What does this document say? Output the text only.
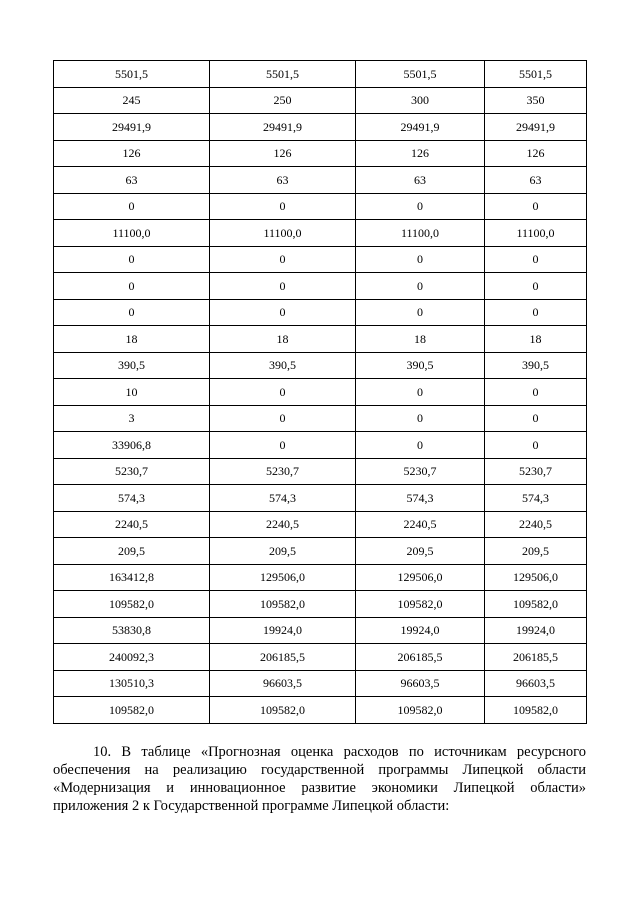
5501,5	5501,5	5501,5	5501,5
245	250	300	350
29491,9	29491,9	29491,9	29491,9
126	126	126	126
63	63	63	63
0	0	0	0
11100,0	11100,0	11100,0	11100,0
0	0	0	0
0	0	0	0
0	0	0	0
18	18	18	18
390,5	390,5	390,5	390,5
10	0	0	0
3	0	0	0
33906,8	0	0	0
5230,7	5230,7	5230,7	5230,7
574,3	574,3	574,3	574,3
2240,5	2240,5	2240,5	2240,5
209,5	209,5	209,5	209,5
163412,8	129506,0	129506,0	129506,0
109582,0	109582,0	109582,0	109582,0
53830,8	19924,0	19924,0	19924,0
240092,3	206185,5	206185,5	206185,5
130510,3	96603,5	96603,5	96603,5
109582,0	109582,0	109582,0	109582,0
10. В таблице «Прогнозная оценка расходов по источникам ресурсного обеспечения на реализацию государственной программы Липецкой области «Модернизация и инновационное развитие экономики Липецкой области» приложения 2 к Государственной программе Липецкой области:
